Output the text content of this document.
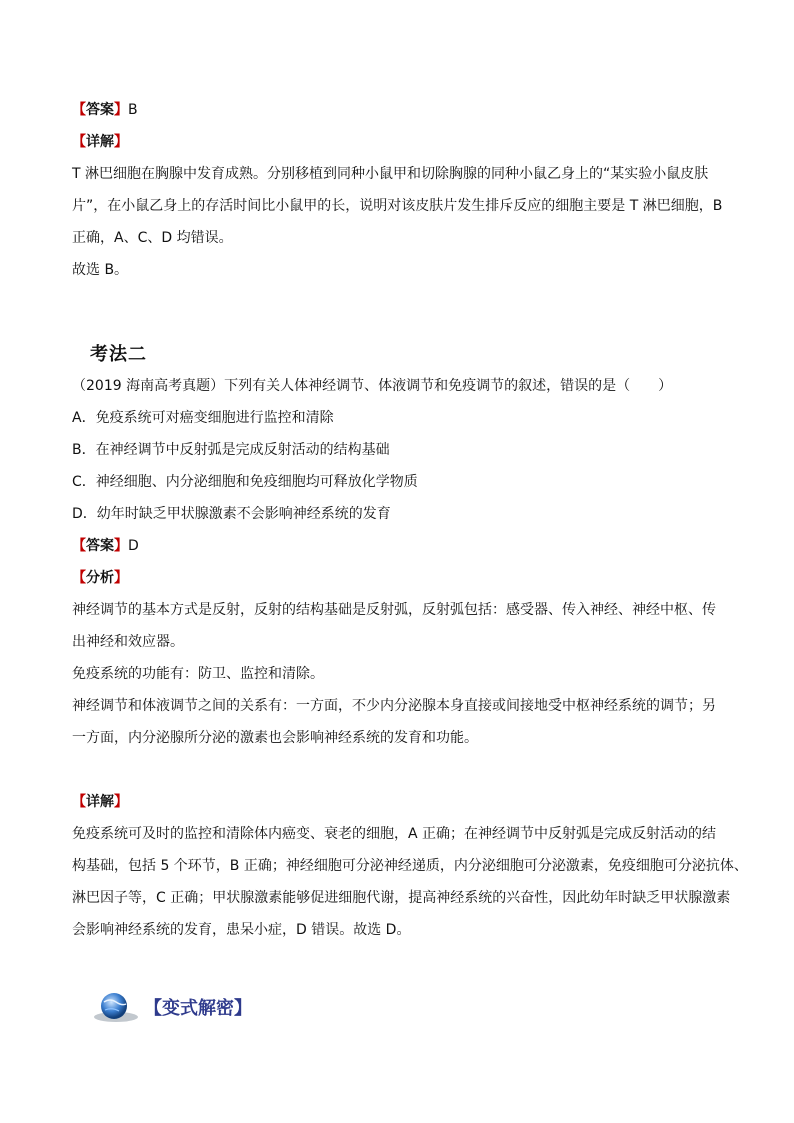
【答案】B
【详解】
T 淋巴细胞在胸腺中发育成熟。分别移植到同种小鼠甲和切除胸腺的同种小鼠乙身上的“某实验小鼠皮肤
片”，在小鼠乙身上的存活时间比小鼠甲的长，说明对该皮肤片发生排斥反应的细胞主要是 T 淋巴细胞，B
正确，A、C、D 均错误。
故选 B。
考法二
（2019 海南高考真题）下列有关人体神经调节、体液调节和免疫调节的叙述，错误的是（　　）
A．免疫系统可对癌变细胞进行监控和清除
B．在神经调节中反射弧是完成反射活动的结构基础
C．神经细胞、内分泌细胞和免疫细胞均可释放化学物质
D．幼年时缺乏甲状腺激素不会影响神经系统的发育
【答案】D
【分析】
神经调节的基本方式是反射，反射的结构基础是反射弧，反射弧包括：感受器、传入神经、神经中枢、传
出神经和效应器。
免疫系统的功能有：防卫、监控和清除。
神经调节和体液调节之间的关系有：一方面，不少内分泌腺本身直接或间接地受中枢神经系统的调节；另
一方面，内分泌腺所分泌的激素也会影响神经系统的发育和功能。
【详解】
免疫系统可及时的监控和清除体内癌变、衰老的细胞，A 正确；在神经调节中反射弧是完成反射活动的结
构基础，包括 5 个环节，B 正确；神经细胞可分泌神经递质，内分泌细胞可分泌激素，免疫细胞可分泌抗体、
淋巴因子等，C 正确；甲状腺激素能够促进细胞代谢，提高神经系统的兴奋性，因此幼年时缺乏甲状腺激素
会影响神经系统的发育，患呆小症，D 错误。故选 D。
【变式解密】
